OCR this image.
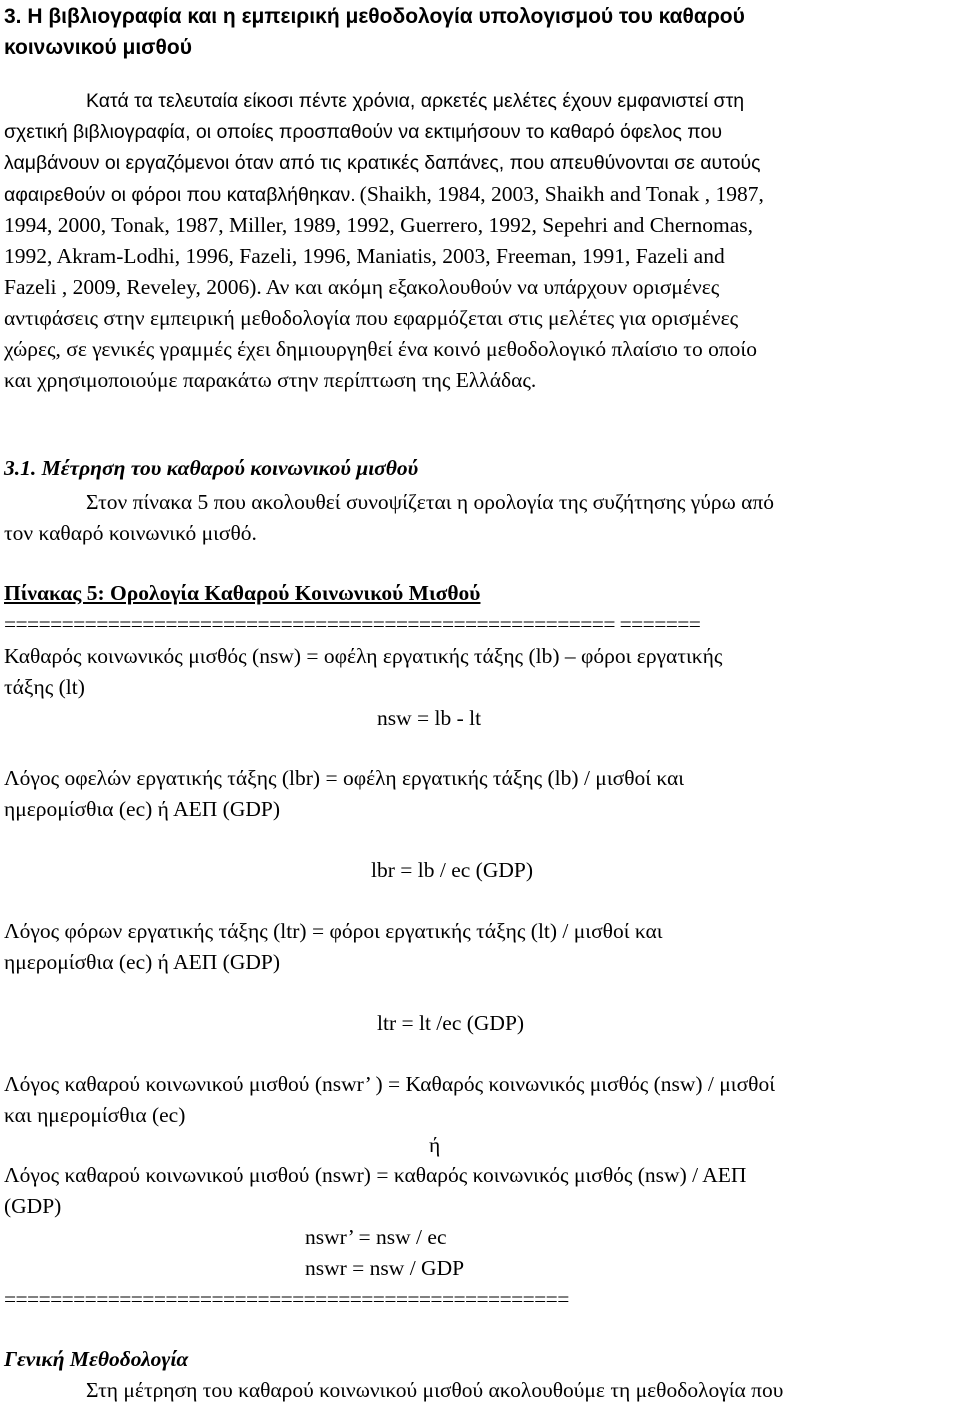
3. Η βιβλιογραφία και η εμπειρική μεθοδολογία υπολογισμού του καθαρού
κοινωνικού μισθού
Κατά τα τελευταία είκοσι πέντε χρόνια, αρκετές μελέτες έχουν εμφανιστεί στη
σχετική βιβλιογραφία, οι οποίες προσπαθούν να εκτιμήσουν το καθαρό όφελος που
λαμβάνουν οι εργαζόμενοι όταν από τις κρατικές δαπάνες, που απευθύνονται σε αυτούς
αφαιρεθούν οι φόροι που καταβλήθηκαν. (Shaikh, 1984, 2003, Shaikh and Tonak , 1987,
1994, 2000, Tonak, 1987, Miller, 1989, 1992, Guerrero, 1992, Sepehri and Chernomas,
1992, Akram-Lodhi, 1996, Fazeli, 1996, Maniatis, 2003, Freeman, 1991, Fazeli and
Fazeli , 2009, Reveley, 2006). Αν και ακόμη εξακολουθούν να υπάρχουν ορισμένες
αντιφάσεις στην εμπειρική μεθοδολογία που εφαρμόζεται στις μελέτες για ορισμένες
χώρες, σε γενικές γραμμές έχει δημιουργηθεί ένα κοινό μεθοδολογικό πλαίσιο το οποίο
και χρησιμοποιούμε παρακάτω στην περίπτωση της Ελλάδας.
3.1. Μέτρηση του καθαρού κοινωνικού μισθού
Στον πίνακα 5 που ακολουθεί συνοψίζεται η ορολογία της συζήτησης γύρω από
τον καθαρό κοινωνικό μισθό.
Πίνακας 5: Ορολογία Καθαρού Κοινωνικού Μισθού
===================================================== =======
Καθαρός κοινωνικός μισθός (nsw) = οφέλη εργατικής τάξης (lb) – φόροι εργατικής
τάξης (lt)
nsw = lb - lt
Λόγος οφελών εργατικής τάξης (lbr) = οφέλη εργατικής τάξης (lb) / μισθοί και
ημερομίσθια (ec) ή ΑΕΠ (GDP)
lbr = lb / ec (GDP)
Λόγος φόρων εργατικής τάξης (ltr) = φόροι εργατικής τάξης (lt) / μισθοί και
ημερομίσθια (ec) ή ΑΕΠ (GDP)
ltr = lt /ec (GDP)
Λόγος καθαρού κοινωνικού μισθού (nswr’ ) = Καθαρός κοινωνικός μισθός (nsw) / μισθοί
και ημερομίσθια (ec)
ή
Λόγος καθαρού κοινωνικού μισθού (nswr) = καθαρός κοινωνικός μισθός (nsw) / ΑΕΠ
(GDP)
nswr’ = nsw / ec
nswr = nsw / GDP
=================================================
Γενική Μεθοδολογία
Στη μέτρηση του καθαρού κοινωνικού μισθού ακολουθούμε τη μεθοδολογία που
